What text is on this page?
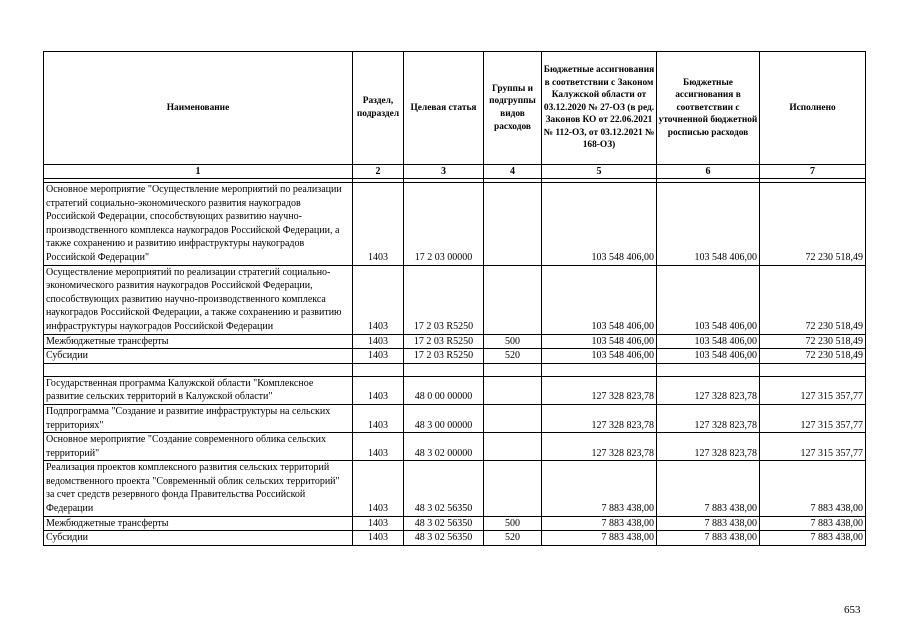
Наименование	Раздел, подраздел	Целевая статья	Группы и подгруппы видов расходов	Бюджетные ассигнования в соответствии с Законом Калужской области от 03.12.2020 № 27-ОЗ (в ред. Законов КО от 22.06.2021 № 112-ОЗ, от 03.12.2021 № 168-ОЗ)	Бюджетные ассигнования в соответствии с уточненной бюджетной росписью расходов	Исполнено
1	2	3	4	5	6	7

Основное мероприятие "Осуществление мероприятий по реализации стратегий социально-экономического развития наукоградов Российской Федерации, способствующих развитию научно-производственного комплекса наукоградов Российской Федерации, а также сохранению и развитию инфраструктуры наукоградов Российской Федерации"	1403	17 2 03 00000		103 548 406,00	103 548 406,00	72 230 518,49
Осуществление мероприятий по реализации стратегий социально-экономического развития наукоградов Российской Федерации, способствующих развитию научно-производственного комплекса наукоградов Российской Федерации, а также сохранению и развитию инфраструктуры наукоградов Российской Федерации	1403	17 2 03 R5250		103 548 406,00	103 548 406,00	72 230 518,49
Межбюджетные трансферты	1403	17 2 03 R5250	500	103 548 406,00	103 548 406,00	72 230 518,49
Субсидии	1403	17 2 03 R5250	520	103 548 406,00	103 548 406,00	72 230 518,49

Государственная программа Калужской области "Комплексное развитие сельских территорий в Калужской области"	1403	48 0 00 00000		127 328 823,78	127 328 823,78	127 315 357,77
Подпрограмма "Создание и развитие инфраструктуры на сельских территориях"	1403	48 3 00 00000		127 328 823,78	127 328 823,78	127 315 357,77
Основное мероприятие "Создание современного облика сельских территорий"	1403	48 3 02 00000		127 328 823,78	127 328 823,78	127 315 357,77
Реализация проектов комплексного развития сельских территорий ведомственного проекта "Современный облик сельских территорий" за счет средств резервного фонда Правительства Российской Федерации	1403	48 3 02 56350		7 883 438,00	7 883 438,00	7 883 438,00
Межбюджетные трансферты	1403	48 3 02 56350	500	7 883 438,00	7 883 438,00	7 883 438,00
Субсидии	1403	48 3 02 56350	520	7 883 438,00	7 883 438,00	7 883 438,00
653
